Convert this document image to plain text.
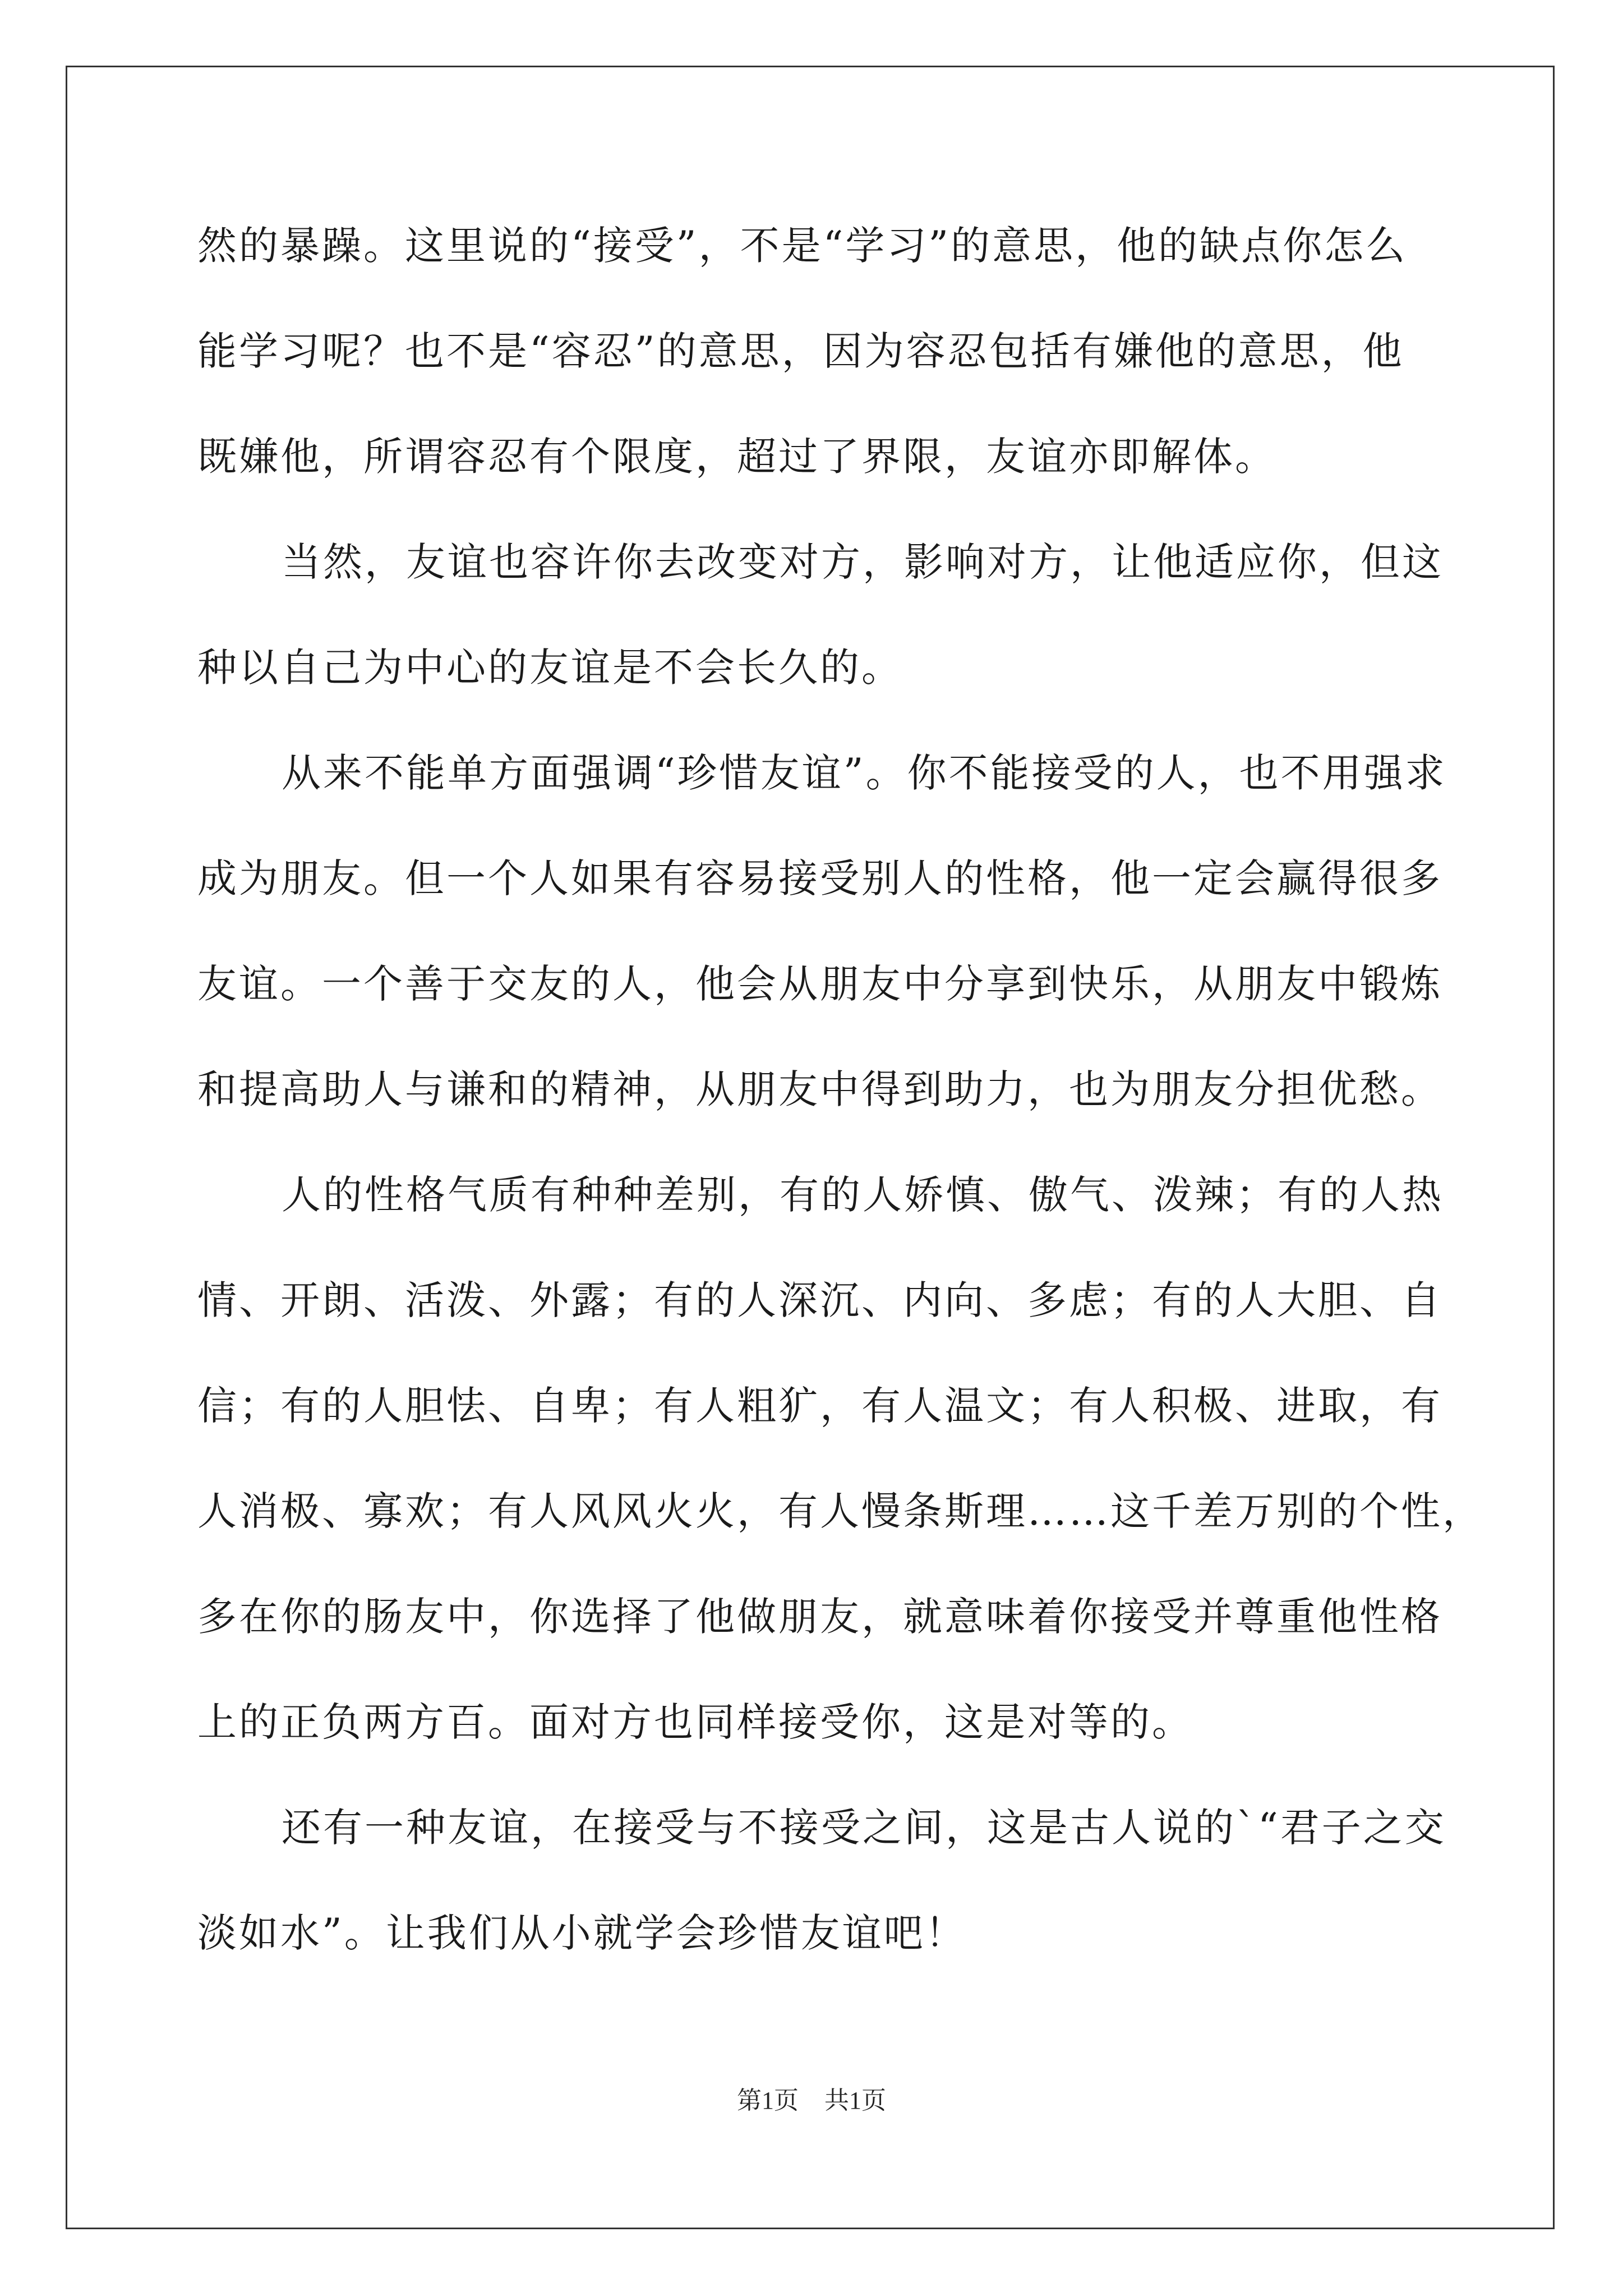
然的暴躁。这里说的“接受”，不是“学习”的意思，他的缺点你怎么
能学习呢？也不是“容忍”的意思，因为容忍包括有嫌他的意思，他
既嫌他，所谓容忍有个限度，超过了界限，友谊亦即解体。
当然，友谊也容许你去改变对方，影响对方，让他适应你，但这
种以自己为中心的友谊是不会长久的。
从来不能单方面强调“珍惜友谊”。你不能接受的人，也不用强求
成为朋友。但一个人如果有容易接受别人的性格，他一定会赢得很多
友谊。一个善于交友的人，他会从朋友中分享到快乐，从朋友中锻炼
和提高助人与谦和的精神，从朋友中得到助力，也为朋友分担优愁。
人的性格气质有种种差别，有的人娇慎、傲气、泼辣；有的人热
情、开朗、活泼、外露；有的人深沉、内向、多虑；有的人大胆、自
信；有的人胆怯、自卑；有人粗犷，有人温文；有人积极、进取，有
人消极、寡欢；有人风风火火，有人慢条斯理……这千差万别的个性，
多在你的肠友中，你选择了他做朋友，就意味着你接受并尊重他性格
上的正负两方百。面对方也同样接受你，这是对等的。
还有一种友谊，在接受与不接受之间，这是古人说的`“君子之交
淡如水”。让我们从小就学会珍惜友谊吧！
第1页 共1页
